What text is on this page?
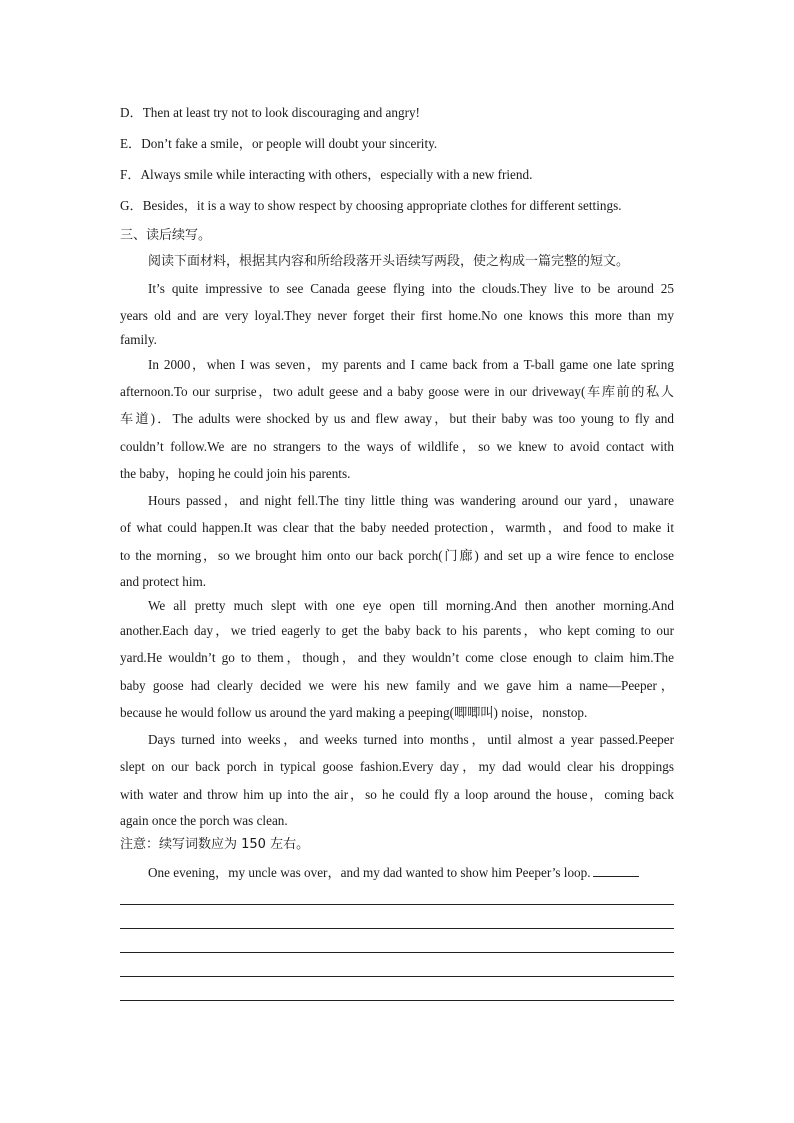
D．Then at least try not to look discouraging and angry!
E．Don’t fake a smile，or people will doubt your sincerity.
F．Always smile while interacting with others，especially with a new friend.
G．Besides，it is a way to show respect by choosing appropriate clothes for different settings.
三、读后续写。
阅读下面材料，根据其内容和所给段落开头语续写两段，使之构成一篇完整的短文。
It’s quite impressive to see Canada geese flying into the clouds.They live to be around 25
years old and are very loyal.They never forget their first home.No one knows this more than my
family.
In 2000，when I was seven，my parents and I came back from a T-ball game one late spring
afternoon.To our surprise，two adult geese and a baby goose were in our driveway(车库前的私人
车道)．The adults were shocked by us and flew away，but their baby was too young to fly and
couldn’t follow.We are no strangers to the ways of wildlife，so we knew to avoid contact with
the baby，hoping he could join his parents.
Hours passed，and night fell.The tiny little thing was wandering around our yard，unaware
of what could happen.It was clear that the baby needed protection，warmth，and food to make it
to the morning，so we brought him onto our back porch(门廊) and set up a wire fence to enclose
and protect him.
We all pretty much slept with one eye open till morning.And then another morning.And
another.Each day，we tried eagerly to get the baby back to his parents，who kept coming to our
yard.He wouldn’t go to them，though，and they wouldn’t come close enough to claim him.The
baby goose had clearly decided we were his new family and we gave him a name—Peeper，
because he would follow us around the yard making a peeping(唧唧叫) noise，nonstop.
Days turned into weeks，and weeks turned into months，until almost a year passed.Peeper
slept on our back porch in typical goose fashion.Every day，my dad would clear his droppings
with water and throw him up into the air，so he could fly a loop around the house，coming back
again once the porch was clean.
注意：续写词数应为 150 左右。
One evening，my uncle was over，and my dad wanted to show him Peeper’s loop.
